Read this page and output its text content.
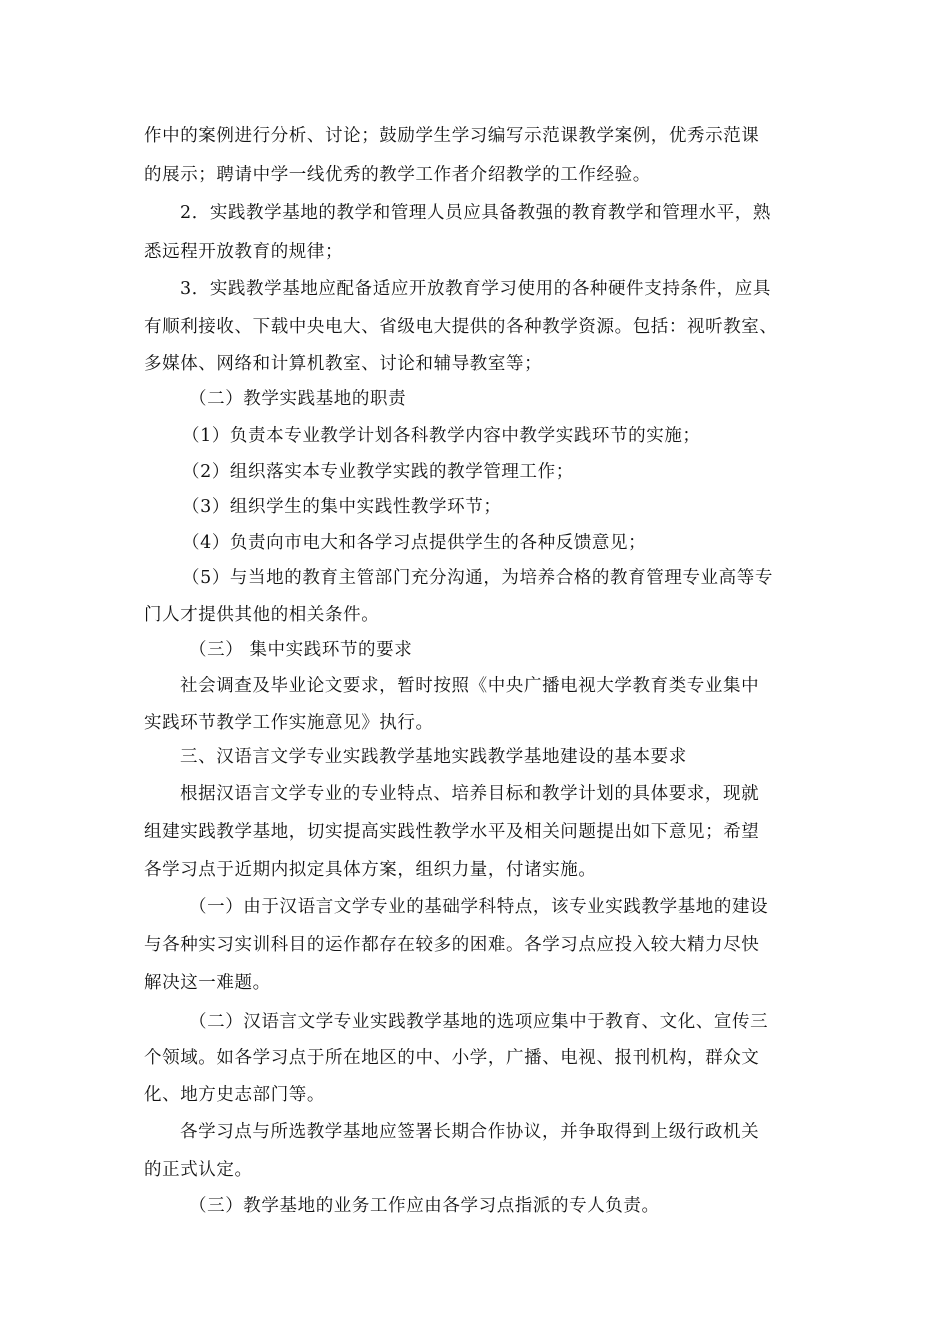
作中的案例进行分析、讨论；鼓励学生学习编写示范课教学案例，优秀示范课
的展示；聘请中学一线优秀的教学工作者介绍教学的工作经验。
2．实践教学基地的教学和管理人员应具备教强的教育教学和管理水平，熟
悉远程开放教育的规律；
3．实践教学基地应配备适应开放教育学习使用的各种硬件支持条件，应具
有顺利接收、下载中央电大、省级电大提供的各种教学资源。包括：视听教室、
多媒体、网络和计算机教室、讨论和辅导教室等；
（二）教学实践基地的职责
（1）负责本专业教学计划各科教学内容中教学实践环节的实施；
（2）组织落实本专业教学实践的教学管理工作；
（3）组织学生的集中实践性教学环节；
（4）负责向市电大和各学习点提供学生的各种反馈意见；
（5）与当地的教育主管部门充分沟通，为培养合格的教育管理专业高等专
门人才提供其他的相关条件。
（三） 集中实践环节的要求
社会调查及毕业论文要求，暂时按照《中央广播电视大学教育类专业集中
实践环节教学工作实施意见》执行。
三、汉语言文学专业实践教学基地实践教学基地建设的基本要求
根据汉语言文学专业的专业特点、培养目标和教学计划的具体要求，现就
组建实践教学基地，切实提高实践性教学水平及相关问题提出如下意见；希望
各学习点于近期内拟定具体方案，组织力量，付诸实施。
（一）由于汉语言文学专业的基础学科特点，该专业实践教学基地的建设
与各种实习实训科目的运作都存在较多的困难。各学习点应投入较大精力尽快
解决这一难题。
（二）汉语言文学专业实践教学基地的选项应集中于教育、文化、宣传三
个领域。如各学习点于所在地区的中、小学，广播、电视、报刊机构，群众文
化、地方史志部门等。
各学习点与所选教学基地应签署长期合作协议，并争取得到上级行政机关
的正式认定。
（三）教学基地的业务工作应由各学习点指派的专人负责。
